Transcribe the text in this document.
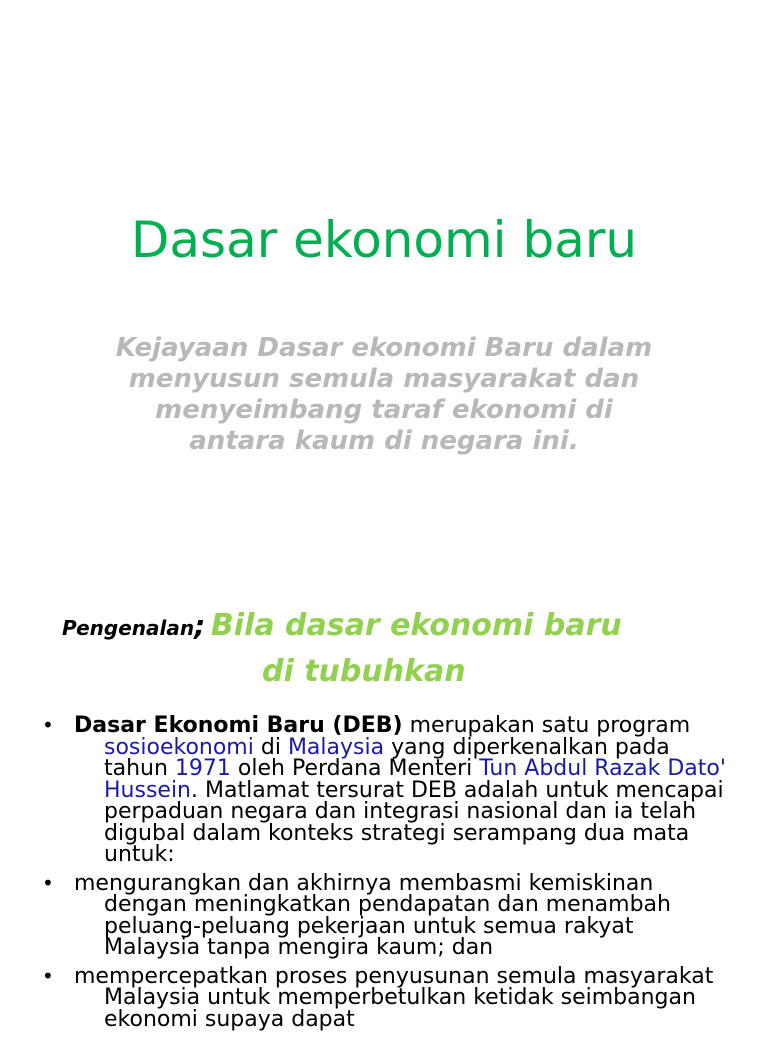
Dasar ekonomi baru
Kejayaan Dasar ekonomi Baru dalam menyusun semula masyarakat dan menyeimbang taraf ekonomi di antara kaum di negara ini.
Pengenalan; Bila dasar ekonomi baru
di tubuhkan
• Dasar Ekonomi Baru (DEB) merupakan satu program sosioekonomi di Malaysia yang diperkenalkan pada tahun 1971 oleh Perdana Menteri Tun Abdul Razak Dato' Hussein. Matlamat tersurat DEB adalah untuk mencapai perpaduan negara dan integrasi nasional dan ia telah digubal dalam konteks strategi serampang dua mata untuk:
• mengurangkan dan akhirnya membasmi kemiskinan dengan meningkatkan pendapatan dan menambah peluang-peluang pekerjaan untuk semua rakyat Malaysia tanpa mengira kaum; dan
• mempercepatkan proses penyusunan semula masyarakat Malaysia untuk memperbetulkan ketidak seimbangan ekonomi supaya dapat
